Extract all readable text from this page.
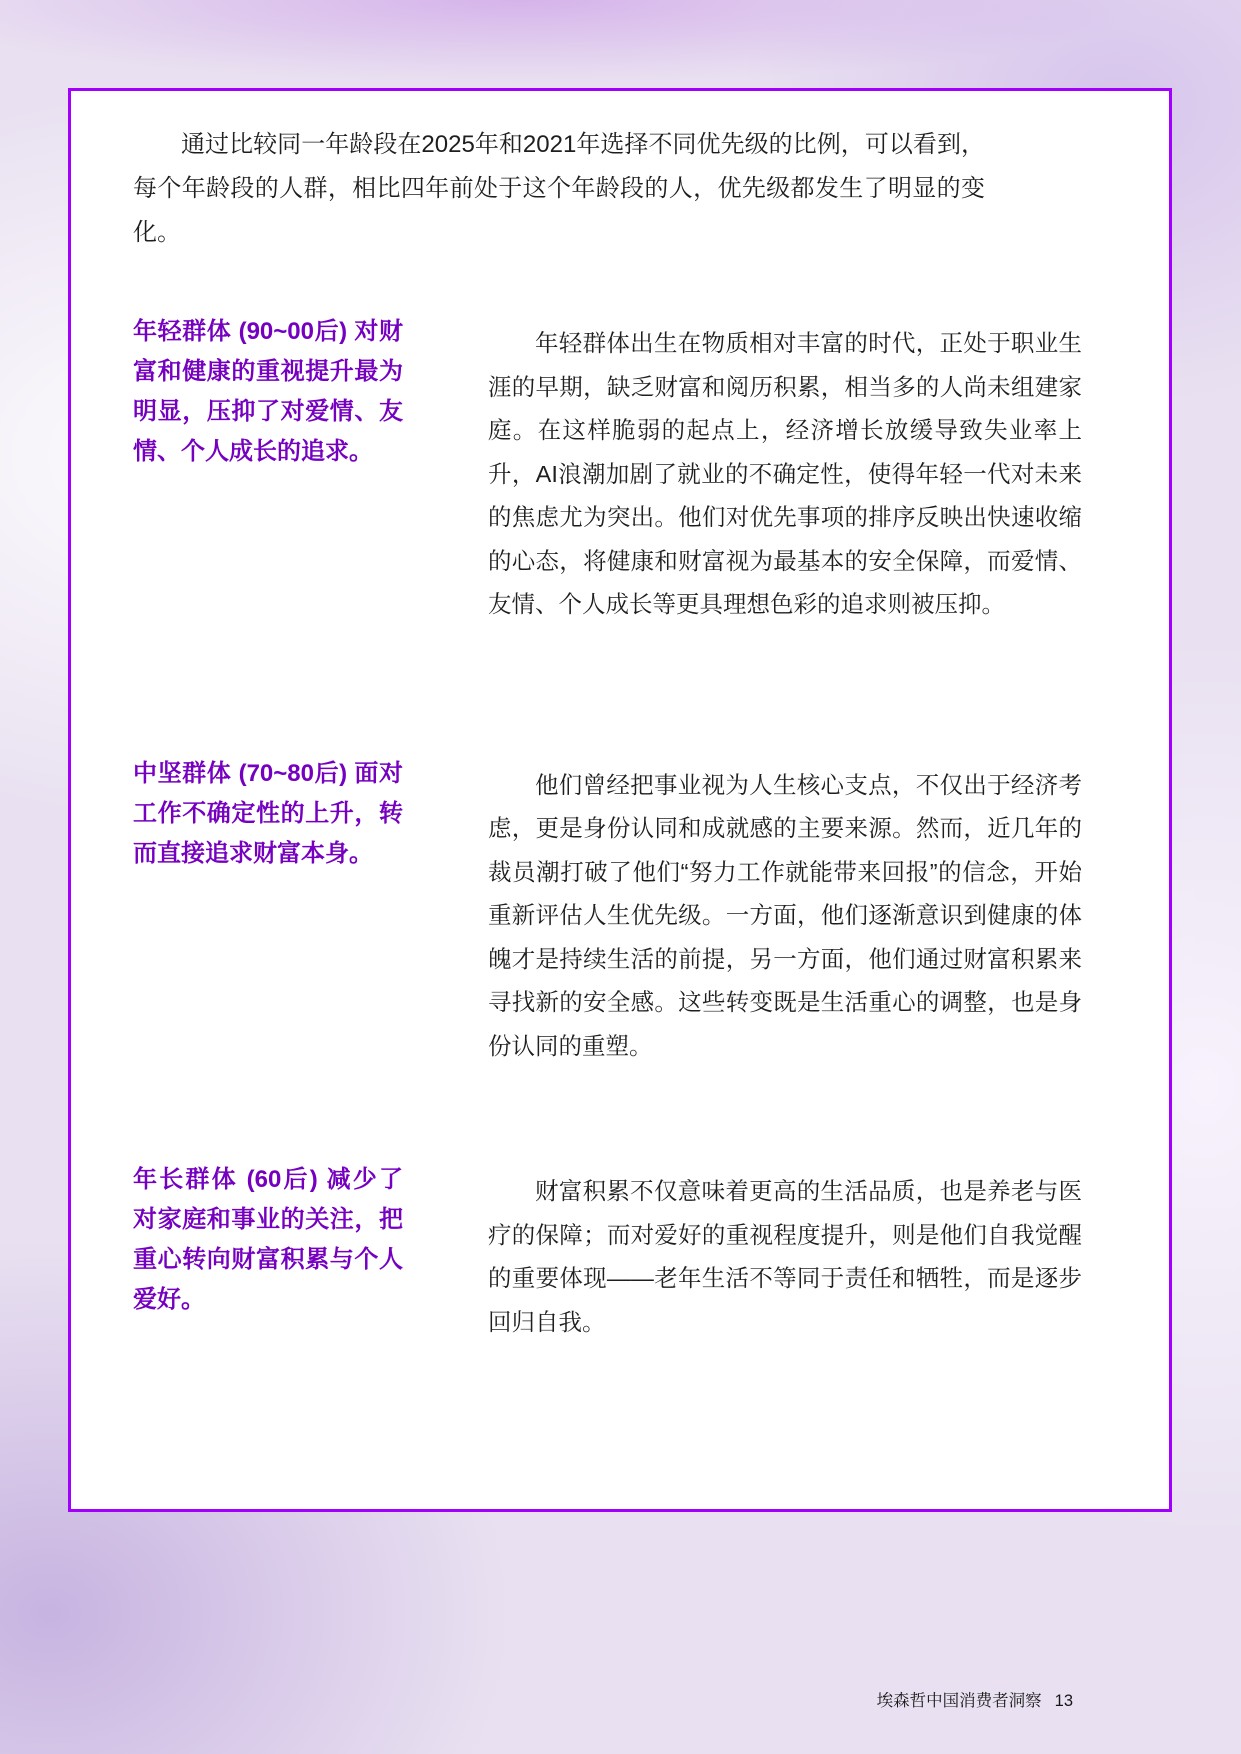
通过比较同一年龄段在2025年和2021年选择不同优先级的比例，可以看到，每个年龄段的人群，相比四年前处于这个年龄段的人，优先级都发生了明显的变化。

年轻群体 (90~00后) 对财富和健康的重视提升最为明显，压抑了对爱情、友情、个人成长的追求。

年轻群体出生在物质相对丰富的时代，正处于职业生涯的早期，缺乏财富和阅历积累，相当多的人尚未组建家庭。在这样脆弱的起点上，经济增长放缓导致失业率上升，AI浪潮加剧了就业的不确定性，使得年轻一代对未来的焦虑尤为突出。他们对优先事项的排序反映出快速收缩的心态，将健康和财富视为最基本的安全保障，而爱情、友情、个人成长等更具理想色彩的追求则被压抑。

中坚群体 (70~80后) 面对工作不确定性的上升，转而直接追求财富本身。

他们曾经把事业视为人生核心支点，不仅出于经济考虑，更是身份认同和成就感的主要来源。然而，近几年的裁员潮打破了他们“努力工作就能带来回报”的信念，开始重新评估人生优先级。一方面，他们逐渐意识到健康的体魄才是持续生活的前提，另一方面，他们通过财富积累来寻找新的安全感。这些转变既是生活重心的调整，也是身份认同的重塑。

年长群体 (60后) 减少了对家庭和事业的关注，把重心转向财富积累与个人爱好。

财富积累不仅意味着更高的生活品质，也是养老与医疗的保障；而对爱好的重视程度提升，则是他们自我觉醒的重要体现——老年生活不等同于责任和牺牲，而是逐步回归自我。

埃森哲中国消费者洞察 13
